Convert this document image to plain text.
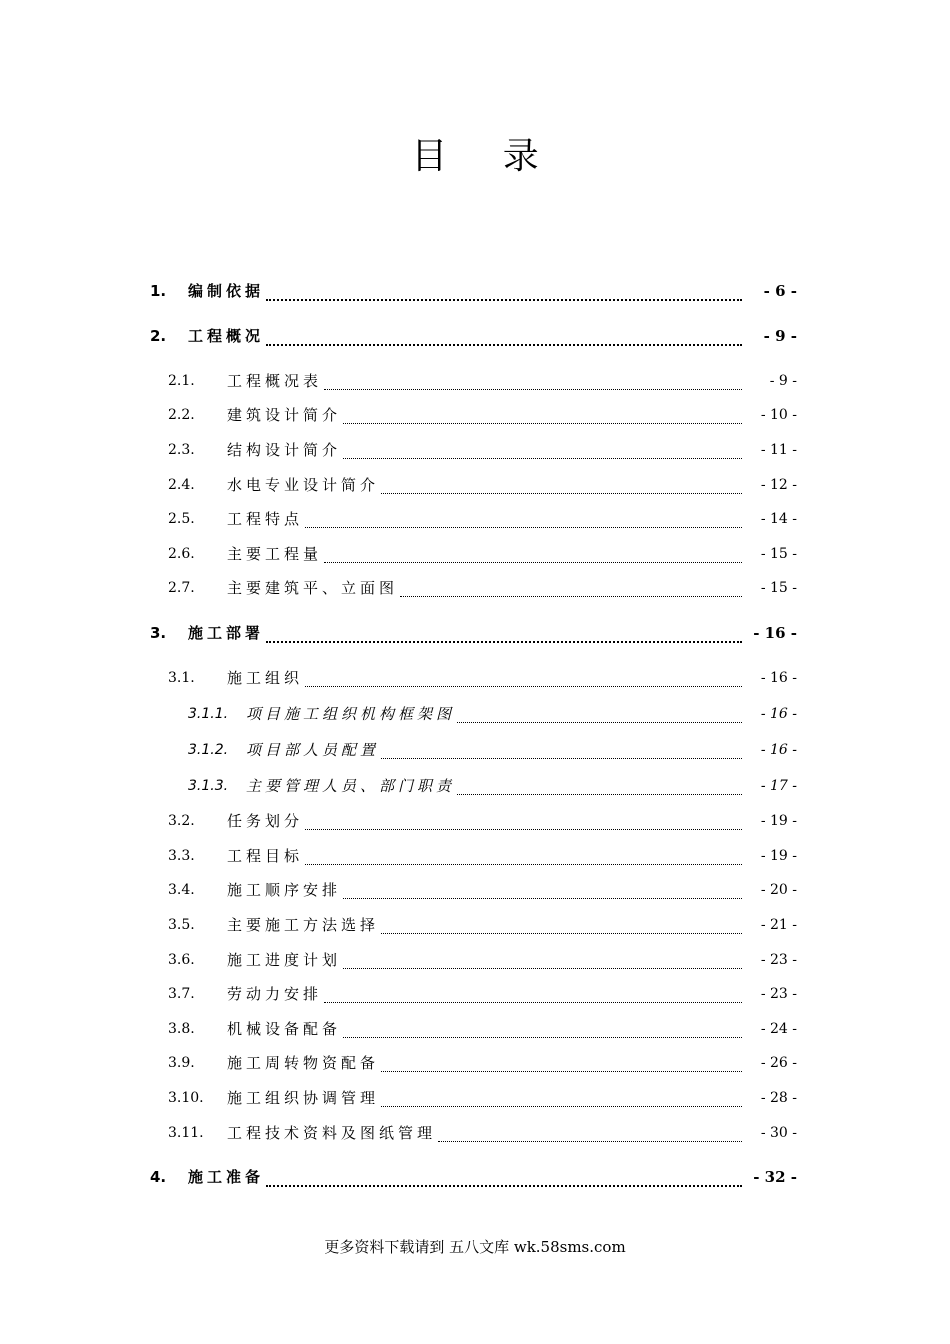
目 录
1. 编制依据	- 6 -
2. 工程概况	- 9 -
2.1. 工程概况表	- 9 -
2.2. 建筑设计简介	- 10 -
2.3. 结构设计简介	- 11 -
2.4. 水电专业设计简介	- 12 -
2.5. 工程特点	- 14 -
2.6. 主要工程量	- 15 -
2.7. 主要建筑平、立面图	- 15 -
3. 施工部署	- 16 -
3.1. 施工组织	- 16 -
3.1.1. 项目施工组织机构框架图	- 16 -
3.1.2. 项目部人员配置	- 16 -
3.1.3. 主要管理人员、部门职责	- 17 -
3.2. 任务划分	- 19 -
3.3. 工程目标	- 19 -
3.4. 施工顺序安排	- 20 -
3.5. 主要施工方法选择	- 21 -
3.6. 施工进度计划	- 23 -
3.7. 劳动力安排	- 23 -
3.8. 机械设备配备	- 24 -
3.9. 施工周转物资配备	- 26 -
3.10. 施工组织协调管理	- 28 -
3.11. 工程技术资料及图纸管理	- 30 -
4. 施工准备	- 32 -
更多资料下载请到 五八文库 wk.58sms.com
